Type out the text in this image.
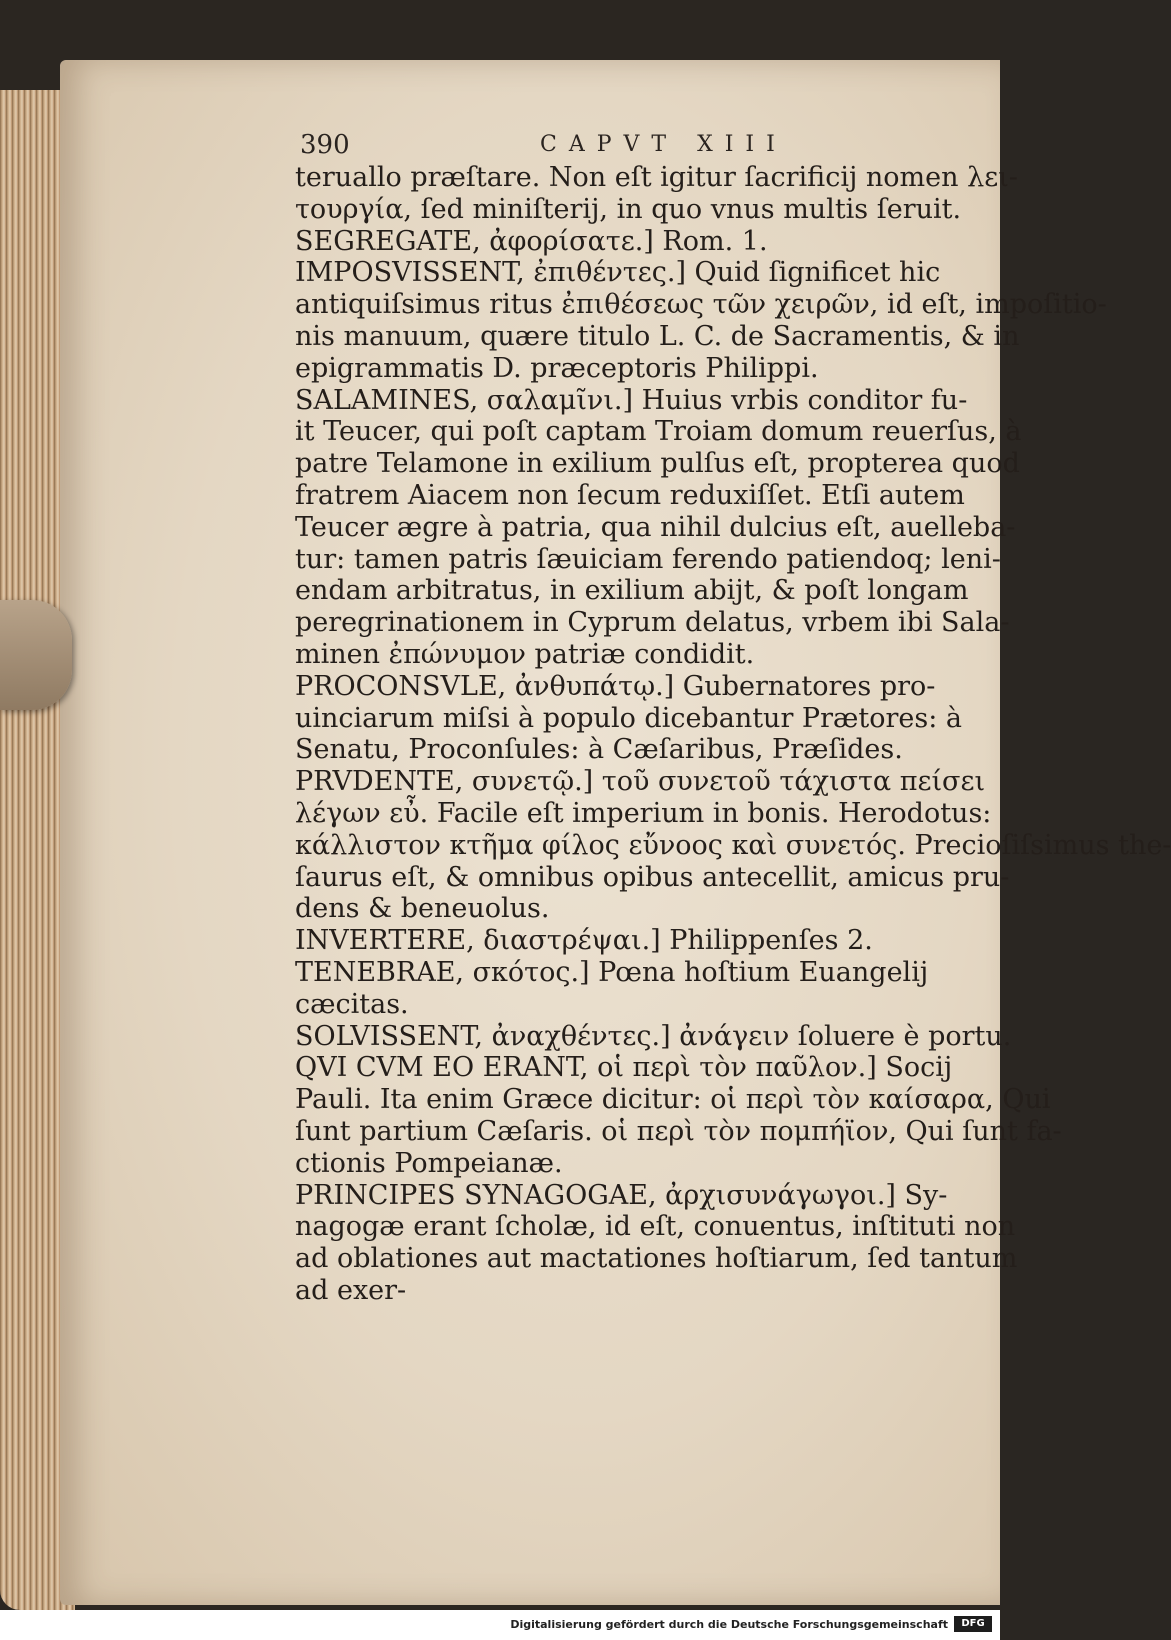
390	CAPVT XIII

teruallo præſtare. Non eſt igitur ſacrificij nomen λει-

τουργία, ſed miniſterij, in quo vnus multis ſeruit.

SEGREGATE, ἀφορίσατε.] Rom. 1.

IMPOSVISSENT, ἐπιθέντες.] Quid ſignificet hic

antiquiſsimus ritus ἐπιθέσεως τῶν χειρῶν, id eſt, impoſitio-

nis manuum, quære titulo L. C. de Sacramentis, & in

epigrammatis D. præceptoris Philippi.

SALAMINES, σαλαμῖνι.] Huius vrbis conditor fu-

it Teucer, qui poſt captam Troiam domum reuerſus, à

patre Telamone in exilium pulſus eſt, propterea quod

fratrem Aiacem non ſecum reduxiſſet. Etſi autem

Teucer ægre à patria, qua nihil dulcius eſt, auelleba-

tur: tamen patris ſæuiciam ferendo patiendoq; leni-

endam arbitratus, in exilium abijt, & poſt longam

peregrinationem in Cyprum delatus, vrbem ibi Sala-

minen ἐπώνυμον patriæ condidit.

PROCONSVLE, ἀνθυπάτῳ.] Gubernatores pro-

uinciarum miſsi à populo dicebantur Prætores: à

Senatu, Proconſules: à Cæſaribus, Præſides.

PRVDENTE, συνετῷ.] τοῦ συνετοῦ τάχιστα πείσει

λέγων εὖ. Facile eſt imperium in bonis. Herodotus:

κάλλιστον κτῆμα φίλος εὔνοος καὶ συνετός. Precioſiſsimus the-

ſaurus eſt, & omnibus opibus antecellit, amicus pru-

dens & beneuolus.

INVERTERE, διαστρέψαι.] Philippenſes 2.

TENEBRAE, σκότος.] Pœna hoſtium Euangelij

cæcitas.

SOLVISSENT, ἀναχθέντες.] ἀνάγειν ſoluere è portu.

QVI CVM EO ERANT, οἱ περὶ τὸν παῦλον.] Socij

Pauli. Ita enim Græce dicitur: οἱ περὶ τὸν καίσαρα, Qui

ſunt partium Cæſaris. οἱ περὶ τὸν πομπήϊον, Qui ſunt fa-

ctionis Pompeianæ.

PRINCIPES SYNAGOGAE, ἀρχισυνάγωγοι.] Sy-

nagogæ erant ſcholæ, id eſt, conuentus, inſtituti non

ad oblationes aut mactationes hoſtiarum, ſed tantum

ad exer-

Digitalisierung gefördert durch die Deutsche Forschungsgemeinschaft	DFG
